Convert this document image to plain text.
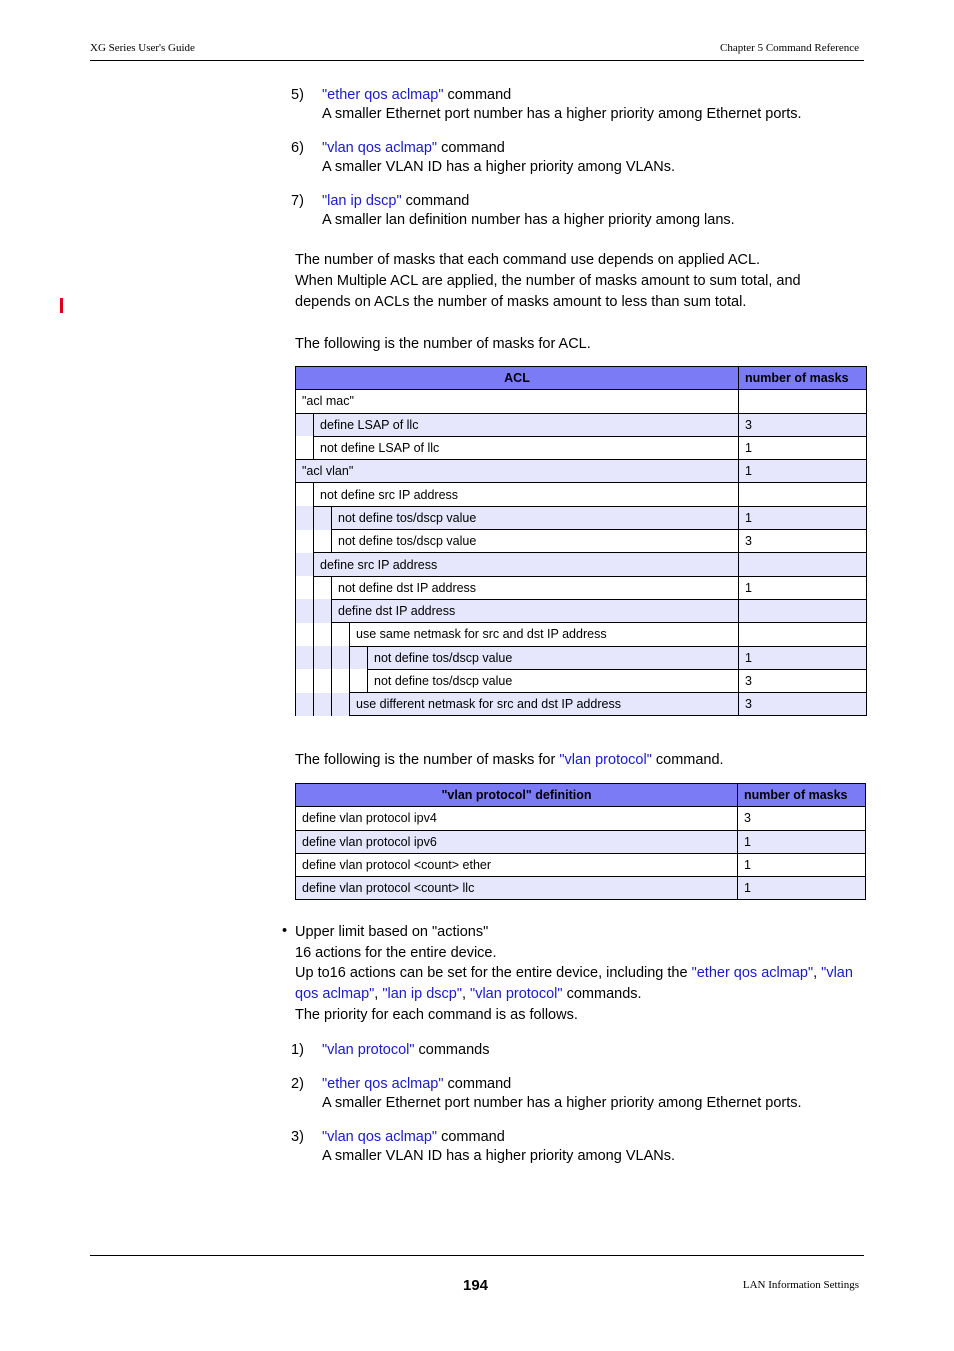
XG Series User's Guide	Chapter 5 Command Reference
5) "ether qos aclmap" command
A smaller Ethernet port number has a higher priority among Ethernet ports.
6) "vlan qos aclmap" command
A smaller VLAN ID has a higher priority among VLANs.
7) "lan ip dscp" command
A smaller lan definition number has a higher priority among lans.
The number of masks that each command use depends on applied ACL.
When Multiple ACL are applied, the number of masks amount to sum total, and
depends on ACLs the number of masks amount to less than sum total.
The following is the number of masks for ACL.
ACL					number of masks
"acl mac"					
	define LSAP of llc				3
	not define LSAP of llc				1
"acl vlan"					1
	not define src IP address				
		not define tos/dscp value			1
		not define tos/dscp value			3
	define src IP address				
		not define dst IP address			1
		define dst IP address			
			use same netmask for src and dst IP address		
				not define tos/dscp value	1
				not define tos/dscp value	3
			use different netmask for src and dst IP address		3
The following is the number of masks for "vlan protocol" command.
"vlan protocol" definition	number of masks
define vlan protocol ipv4	3
define vlan protocol ipv6	1
define vlan protocol <count> ether	1
define vlan protocol <count> llc	1
• Upper limit based on "actions"
16 actions for the entire device.
Up to16 actions can be set for the entire device, including the "ether qos aclmap", "vlan
qos aclmap", "lan ip dscp", "vlan protocol" commands.
The priority for each command is as follows.
1) "vlan protocol" commands
2) "ether qos aclmap" command
A smaller Ethernet port number has a higher priority among Ethernet ports.
3) "vlan qos aclmap" command
A smaller VLAN ID has a higher priority among VLANs.
194	LAN Information Settings
